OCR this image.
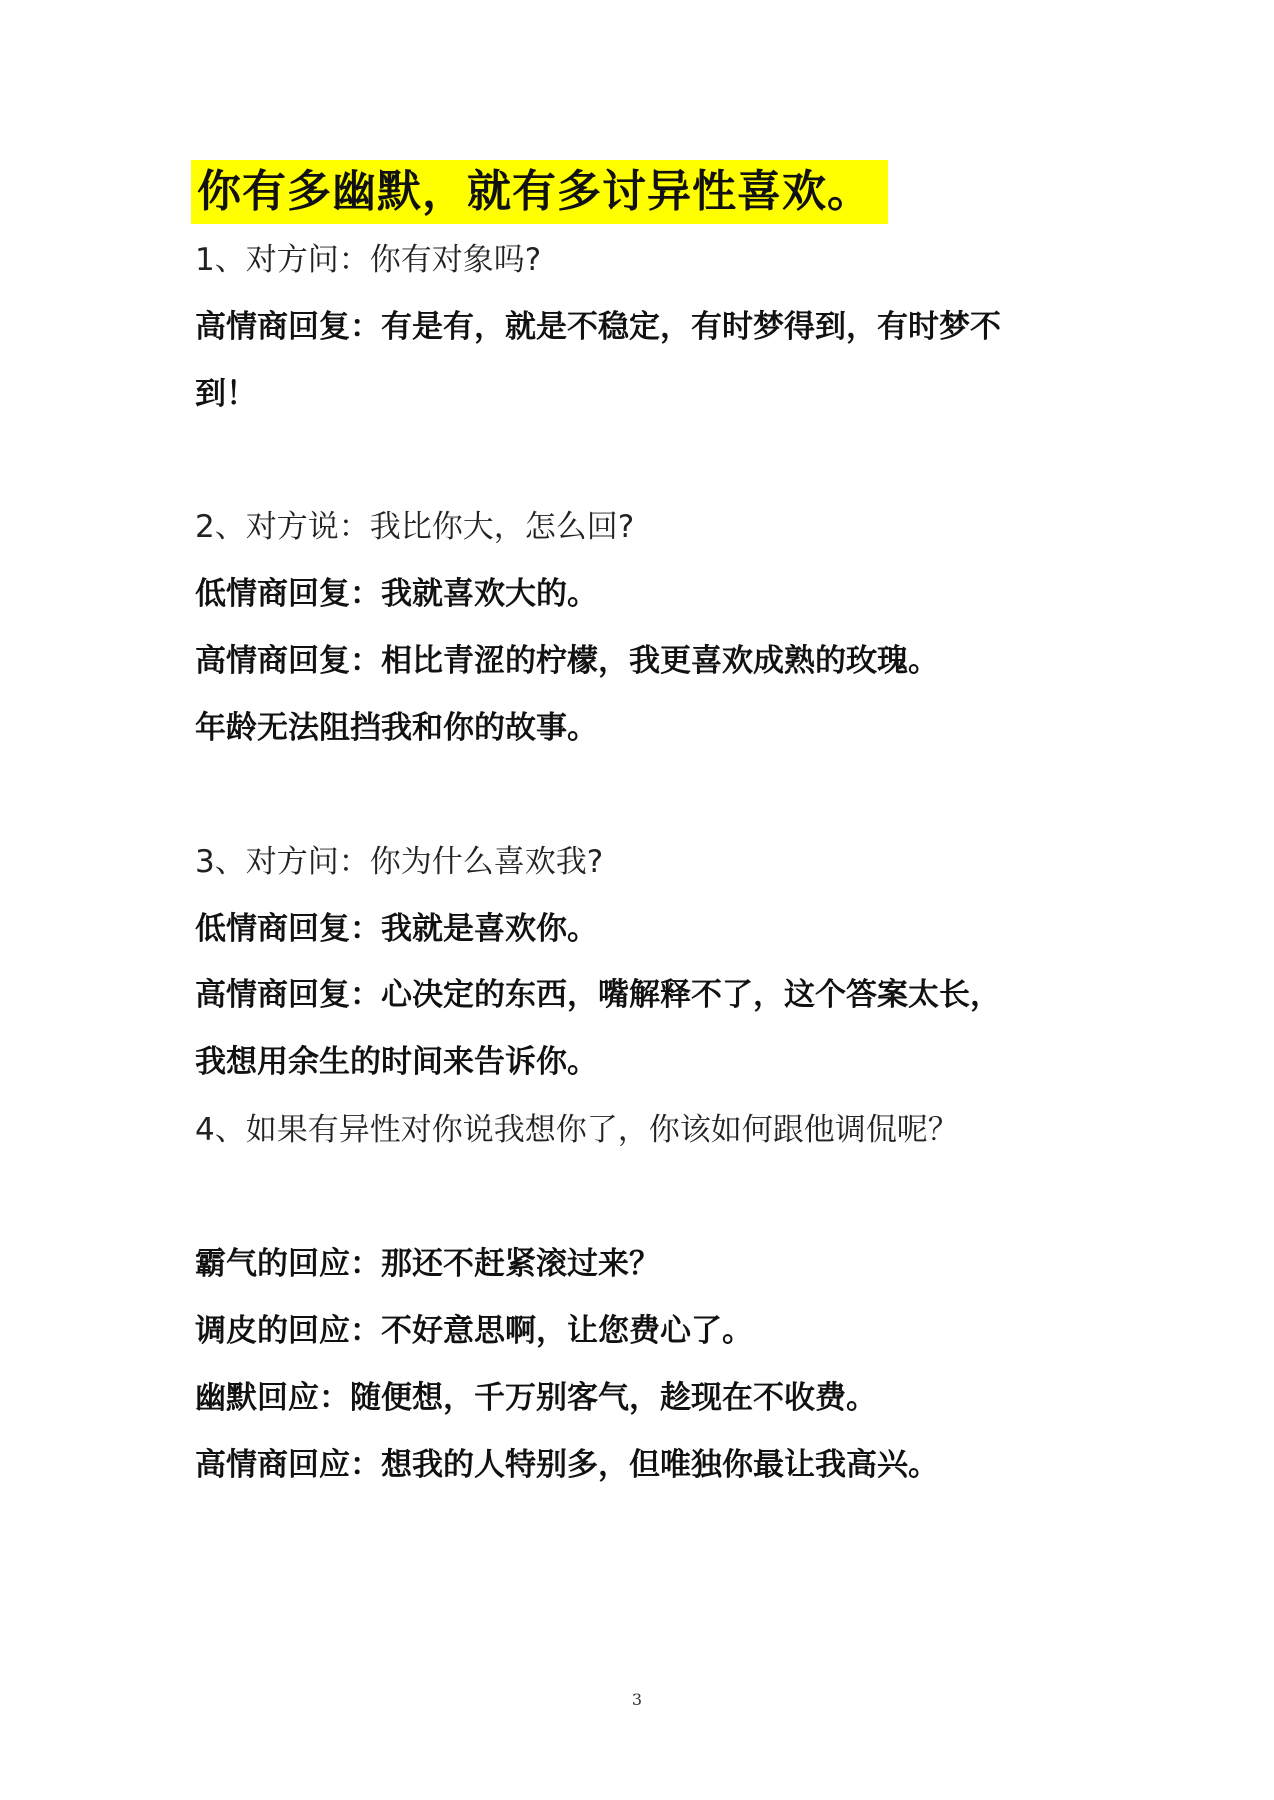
你有多幽默，就有多讨异性喜欢。
1、对方问：你有对象吗?
高情商回复：有是有，就是不稳定，有时梦得到，有时梦不
到！
2、对方说：我比你大，怎么回?
低情商回复：我就喜欢大的。
高情商回复：相比青涩的柠檬，我更喜欢成熟的玫瑰。
年龄无法阻挡我和你的故事。
3、对方问：你为什么喜欢我?
低情商回复：我就是喜欢你。
高情商回复：心决定的东西，嘴解释不了，这个答案太长，
我想用余生的时间来告诉你。
4、如果有异性对你说我想你了，你该如何跟他调侃呢？
霸气的回应：那还不赶紧滚过来？
调皮的回应：不好意思啊，让您费心了。
幽默回应：随便想，千万别客气，趁现在不收费。
高情商回应：想我的人特别多，但唯独你最让我高兴。
3
